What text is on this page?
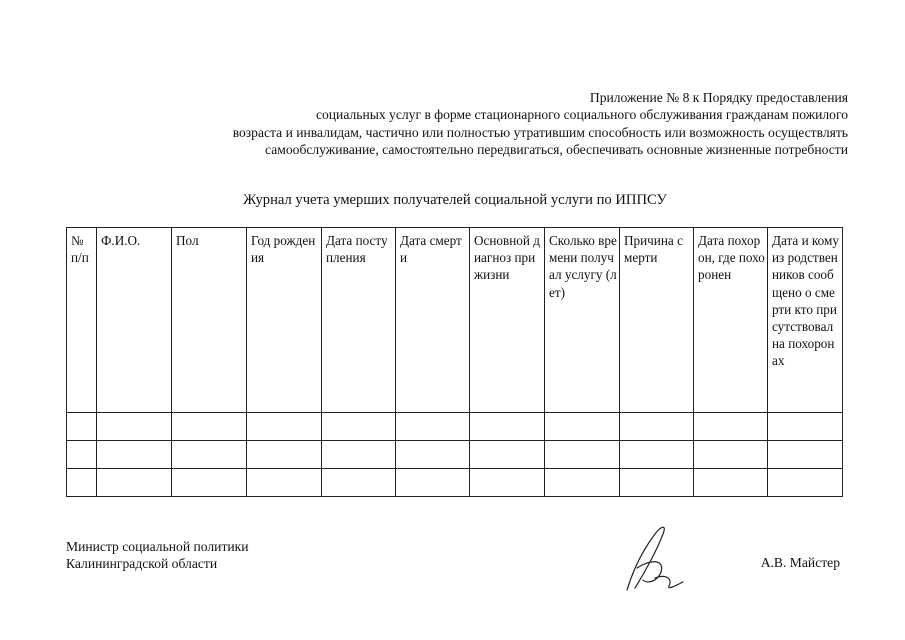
Приложение № 8 к Порядку предоставления
социальных услуг в форме стационарного социального обслуживания гражданам пожилого
возраста и инвалидам, частично или полностью утратившим способность или возможность осуществлять
самообслуживание, самостоятельно передвигаться, обеспечивать основные жизненные потребности
Журнал учета умерших получателей социальной услуги по ИППСУ
№ п/п	Ф.И.О.	Пол	Год рождения	Дата поступления	Дата смерти	Основной диагноз при жизни	Сколько времени получал услугу (лет)	Причина смерти	Дата похорон, где похоронен	Дата и кому из родственников сообщено о смерти кто присутствовал на похоронах

Министр социальной политики
Калининградской области	А.В. Майстер
